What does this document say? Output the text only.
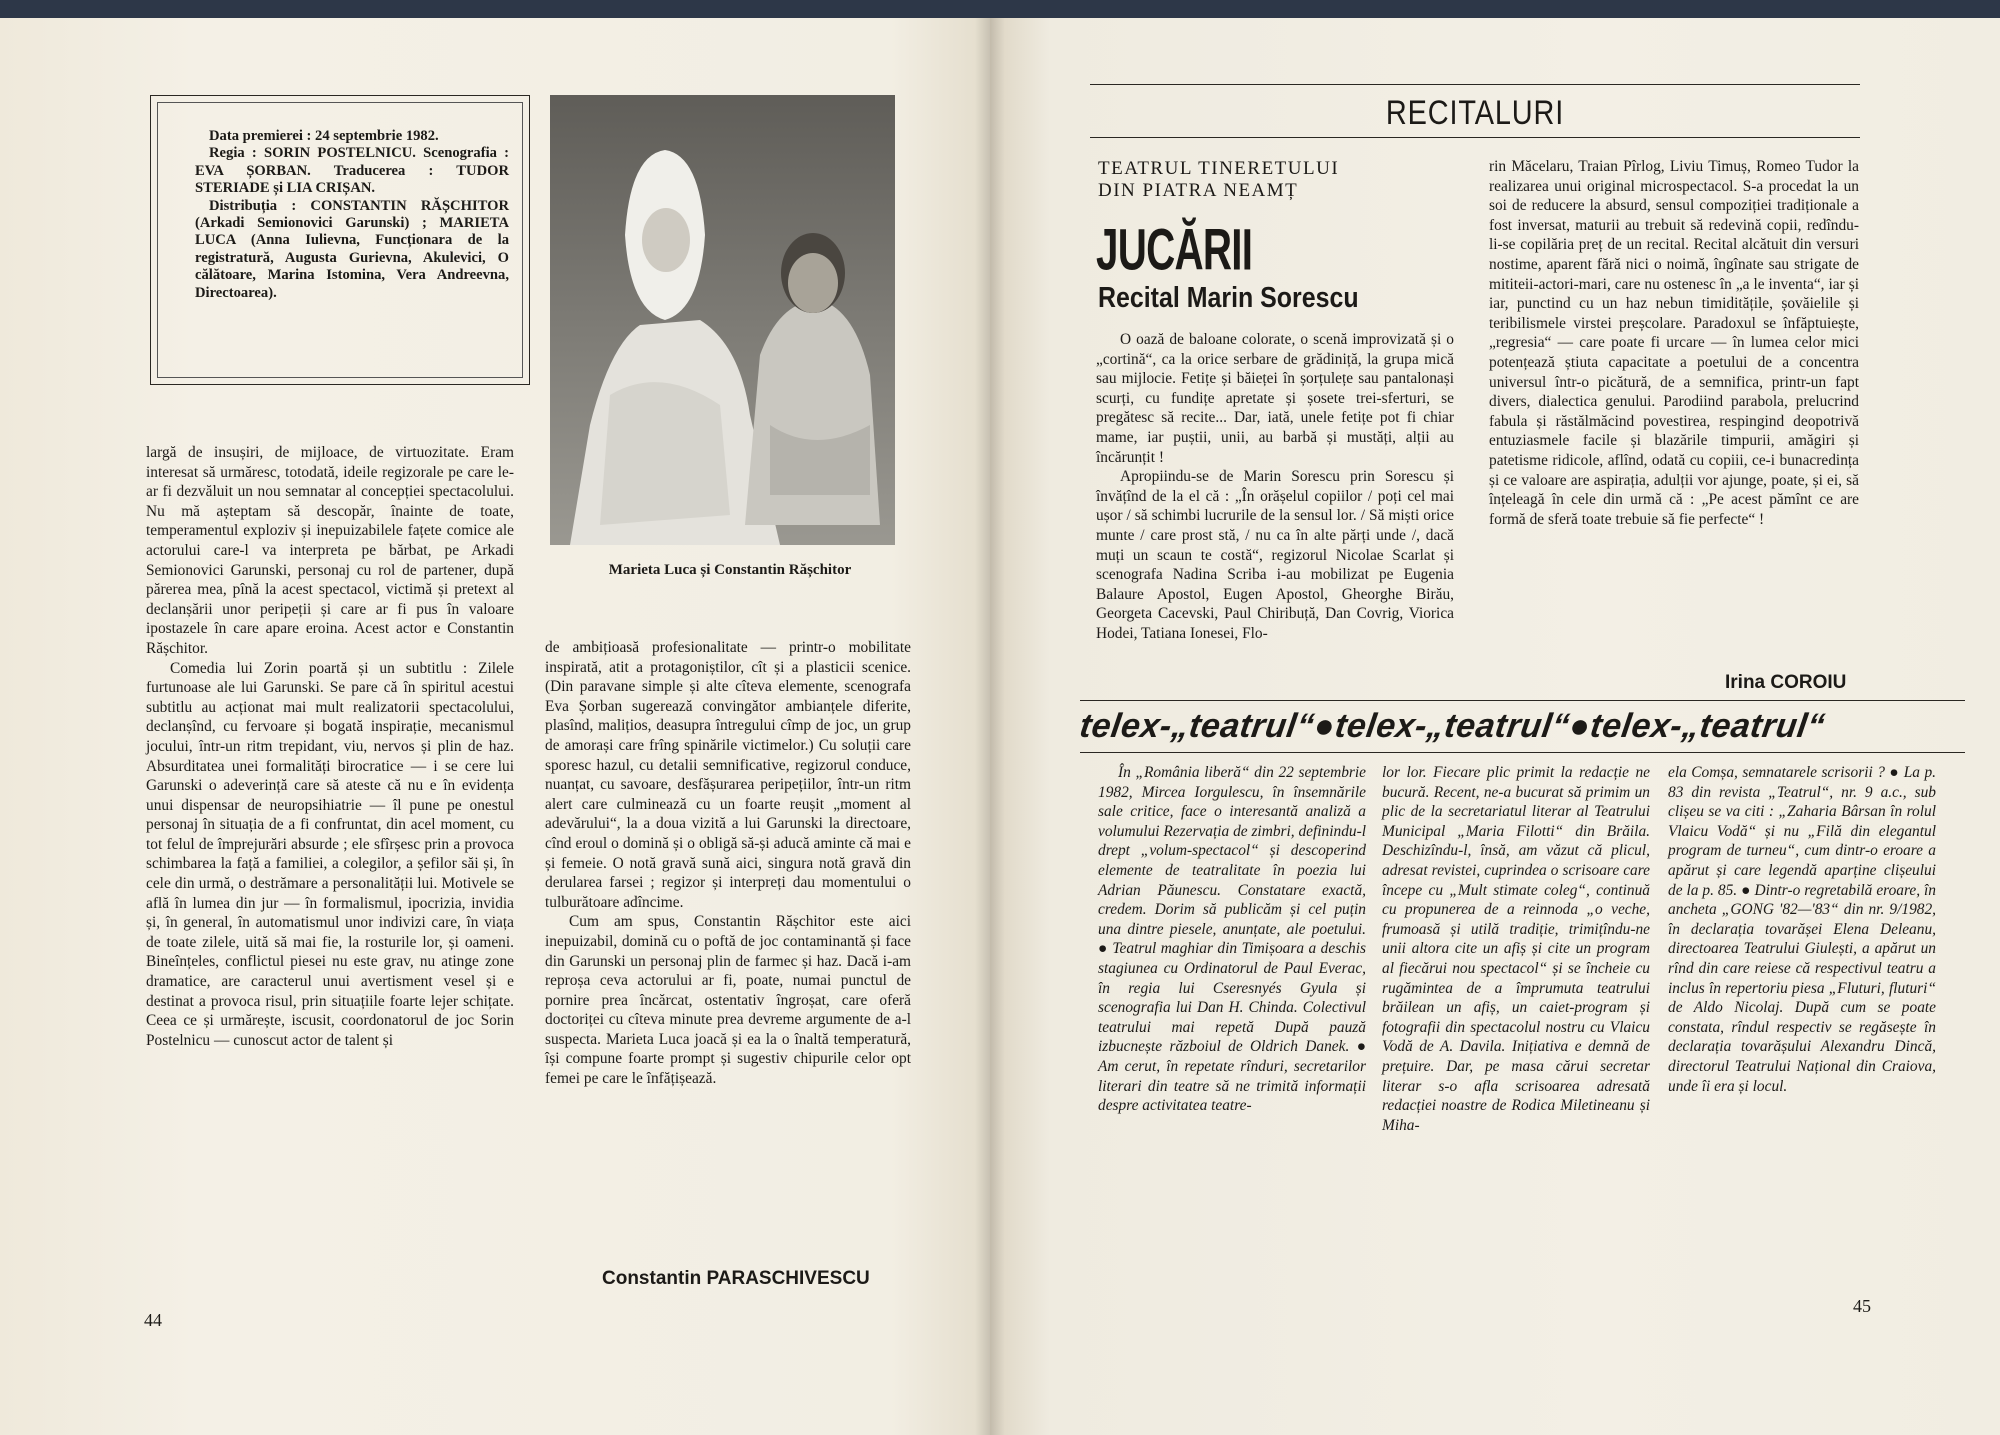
Data premierei : 24 septembrie 1982.

Regia : SORIN POSTELNICU. Scenografia : EVA ȘORBAN. Traducerea : TUDOR STERIADE și LIA CRIȘAN.

Distribuția : CONSTANTIN RĂȘCHITOR (Arkadi Semionovici Garunski) ; MARIETA LUCA (Anna Iulievna, Funcționara de la registratură, Augusta Gurievna, Akulevici, O călătoare, Marina Istomina, Vera Andreevna, Directoarea).

Marieta Luca și Constantin Rășchitor

largă de insușiri, de mijloace, de virtuozitate. Eram interesat să urmăresc, totodată, ideile regizorale pe care le-ar fi dezvăluit un nou semnatar al concepției spectacolului. Nu mă așteptam să descopăr, înainte de toate, temperamentul exploziv și inepuizabilele fațete comice ale actorului care-l va interpreta pe bărbat, pe Arkadi Semionovici Garunski, personaj cu rol de partener, după părerea mea, pînă la acest spectacol, victimă și pretext al declanșării unor peripeții și care ar fi pus în valoare ipostazele în care apare eroina. Acest actor e Constantin Rășchitor.

Comedia lui Zorin poartă și un subtitlu : Zilele furtunoase ale lui Garunski. Se pare că în spiritul acestui subtitlu au acționat mai mult realizatorii spectacolului, declanșînd, cu fervoare și bogată inspirație, mecanismul jocului, într-un ritm trepidant, viu, nervos și plin de haz. Absurditatea unei formalități birocratice — i se cere lui Garunski o adeverință care să ateste că nu e în evidența unui dispensar de neuropsihiatrie — îl pune pe onestul personaj în situația de a fi confruntat, din acel moment, cu tot felul de împrejurări absurde ; ele sfîrșesc prin a provoca schimbarea la față a familiei, a colegilor, a șefilor săi și, în cele din urmă, o destrămare a personalității lui. Motivele se află în lumea din jur — în formalismul, ipocrizia, invidia și, în general, în automatismul unor indivizi care, în viața de toate zilele, uită să mai fie, la rosturile lor, și oameni. Bineînțeles, conflictul piesei nu este grav, nu atinge zone dramatice, are caracterul unui avertisment vesel și e destinat a provoca risul, prin situațiile foarte lejer schițate. Ceea ce și urmărește, iscusit, coordonatorul de joc Sorin Postelnicu — cunoscut actor de talent și

de ambițioasă profesionalitate — printr-o mobilitate inspirată, atit a protagoniștilor, cît și a plasticii scenice. (Din paravane simple și alte cîteva elemente, scenografa Eva Șorban sugerează convingător ambianțele diferite, plasînd, malițios, deasupra întregului cîmp de joc, un grup de amorași care frîng spinările victimelor.) Cu soluții care sporesc hazul, cu detalii semnificative, regizorul conduce, nuanțat, cu savoare, desfășurarea peripețiilor, într-un ritm alert care culminează cu un foarte reușit „moment al adevărului“, la a doua vizită a lui Garunski la directoare, cînd eroul o domină și o obligă să-și aducă aminte că mai e și femeie. O notă gravă sună aici, singura notă gravă din derularea farsei ; regizor și interpreți dau momentului o tulburătoare adîncime.

Cum am spus, Constantin Rășchitor este aici inepuizabil, domină cu o poftă de joc contaminantă și face din Garunski un personaj plin de farmec și haz. Dacă i-am reproșa ceva actorului ar fi, poate, numai punctul de pornire prea încărcat, ostentativ îngroșat, care oferă doctoriței cu cîteva minute prea devreme argumente de a-l suspecta. Marieta Luca joacă și ea la o înaltă temperatură, își compune foarte prompt și sugestiv chipurile celor opt femei pe care le înfățișează.

Constantin PARASCHIVESCU
44
RECITALURI
TEATRUL TINERETULUI
DIN PIATRA NEAMȚ
JUCĂRII
Recital Marin Sorescu

O oază de baloane colorate, o scenă improvizată și o „cortină“, ca la orice serbare de grădiniță, la grupa mică sau mijlocie. Fetițe și băieței în șorțulețe sau pantalonași scurți, cu fundițe apretate și șosete trei-sferturi, se pregătesc să recite... Dar, iată, unele fetițe pot fi chiar mame, iar puștii, unii, au barbă și mustăți, alții au încărunțit !

Apropiindu-se de Marin Sorescu prin Sorescu și învățînd de la el că : „În orășelul copiilor / poți cel mai ușor / să schimbi lucrurile de la sensul lor. / Să miști orice munte / care prost stă, / nu ca în alte părți unde /, dacă muți un scaun te costă“, regizorul Nicolae Scarlat și scenografa Nadina Scriba i-au mobilizat pe Eugenia Balaure Apostol, Eugen Apostol, Gheorghe Birău, Georgeta Cacevski, Paul Chiribuță, Dan Covrig, Viorica Hodei, Tatiana Ionesei, Flo-

rin Măcelaru, Traian Pîrlog, Liviu Timuș, Romeo Tudor la realizarea unui original microspectacol. S-a procedat la un soi de reducere la absurd, sensul compoziției tradiționale a fost inversat, maturii au trebuit să redevină copii, redîndu-li-se copilăria preț de un recital. Recital alcătuit din versuri nostime, aparent fără nici o noimă, îngînate sau strigate de mititeii-actori-mari, care nu ostenesc în „a le inventa“, iar și iar, punctind cu un haz nebun timiditățile, șovăielile și teribilismele virstei preșcolare. Paradoxul se înfăptuiește, „regresia“ — care poate fi urcare — în lumea celor mici potențează știuta capacitate a poetului de a concentra universul într-o picătură, de a semnifica, printr-un fapt divers, dialectica genului. Parodiind parabola, prelucrind fabula și răstălmăcind povestirea, respingind deopotrivă entuziasmele facile și blazările timpurii, amăgiri și patetisme ridicole, aflînd, odată cu copiii, ce-i bunacredința și ce valoare are aspirația, adulții vor ajunge, poate, și ei, să înțeleagă în cele din urmă că : „Pe acest pămînt ce are formă de sferă toate trebuie să fie perfecte“ !

Irina COROIU
telex-„teatrul“●telex-„teatrul“●telex-„teatrul“

În „România liberă“ din 22 septembrie 1982, Mircea Iorgulescu, în însemnările sale critice, face o interesantă analiză a volumului Rezervația de zimbri, definindu-l drept „volum-spectacol“ și descoperind elemente de teatralitate în poezia lui Adrian Păunescu. Constatare exactă, credem. Dorim să publicăm și cel puțin una dintre piesele, anunțate, ale poetului. ● Teatrul maghiar din Timișoara a deschis stagiunea cu Ordinatorul de Paul Everac, în regia lui Cseresnyés Gyula și scenografia lui Dan H. Chinda. Colectivul teatrului mai repetă După pauză izbucnește războiul de Oldrich Danek. ● Am cerut, în repetate rînduri, secretarilor literari din teatre să ne trimită informații despre activitatea teatre-

lor lor. Fiecare plic primit la redacție ne bucură. Recent, ne-a bucurat să primim un plic de la secretariatul literar al Teatrului Municipal „Maria Filotti“ din Brăila. Deschizîndu-l, însă, am văzut că plicul, adresat revistei, cuprindea o scrisoare care începe cu „Mult stimate coleg“, continuă cu propunerea de a reinnoda „o veche, frumoasă și utilă tradiție, trimițîndu-ne unii altora cite un afiș și cite un program al fiecărui nou spectacol“ și se încheie cu rugămintea de a împrumuta teatrului brăilean un afiș, un caiet-program și fotografii din spectacolul nostru cu Vlaicu Vodă de A. Davila. Inițiativa e demnă de prețuire. Dar, pe masa cărui secretar literar s-o afla scrisoarea adresată redacției noastre de Rodica Miletineanu și Miha-

ela Comșa, semnatarele scrisorii ? ● La p. 83 din revista „Teatrul“, nr. 9 a.c., sub clișeu se va citi : „Zaharia Bârsan în rolul Vlaicu Vodă“ și nu „Filă din elegantul program de turneu“, cum dintr-o eroare a apărut și care legendă aparține clișeului de la p. 85. ● Dintr-o regretabilă eroare, în ancheta „GONG '82—'83“ din nr. 9/1982, în declarația tovarășei Elena Deleanu, directoarea Teatrului Giulești, a apărut un rînd din care reiese că respectivul teatru a inclus în repertoriu piesa „Fluturi, fluturi“ de Aldo Nicolaj. După cum se poate constata, rîndul respectiv se regăsește în declarația tovarășului Alexandru Dincă, directorul Teatrului Național din Craiova, unde îi era și locul.

45
